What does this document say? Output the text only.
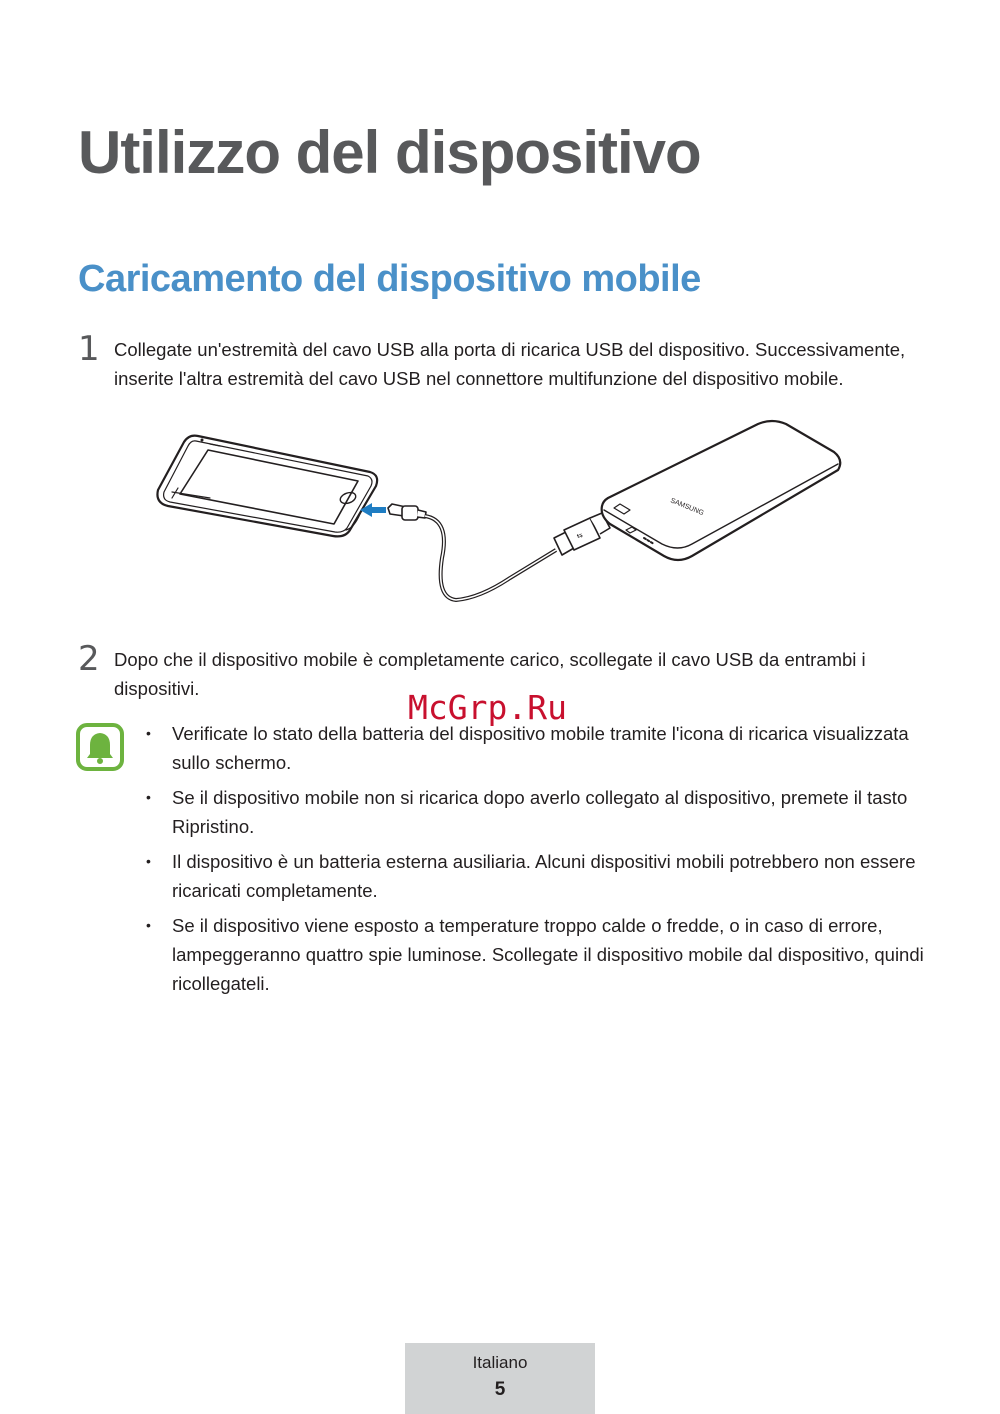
Utilizzo del dispositivo
Caricamento del dispositivo mobile
1 Collegate un'estremità del cavo USB alla porta di ricarica USB del dispositivo. Successivamente, inserite l'altra estremità del cavo USB nel connettore multifunzione del dispositivo mobile.

⇆
SAMSUNG
2 Dopo che il dispositivo mobile è completamente carico, scollegate il cavo USB da entrambi i dispositivi.

• Verificate lo stato della batteria del dispositivo mobile tramite l'icona di ricarica visualizzata sullo schermo.
• Se il dispositivo mobile non si ricarica dopo averlo collegato al dispositivo, premete il tasto Ripristino.
• Il dispositivo è un batteria esterna ausiliaria. Alcuni dispositivi mobili potrebbero non essere ricaricati completamente.
• Se il dispositivo viene esposto a temperature troppo calde o fredde, o in caso di errore, lampeggeranno quattro spie luminose. Scollegate il dispositivo mobile dal dispositivo, quindi ricollegateli.
McGrp.Ru
Italiano
5
